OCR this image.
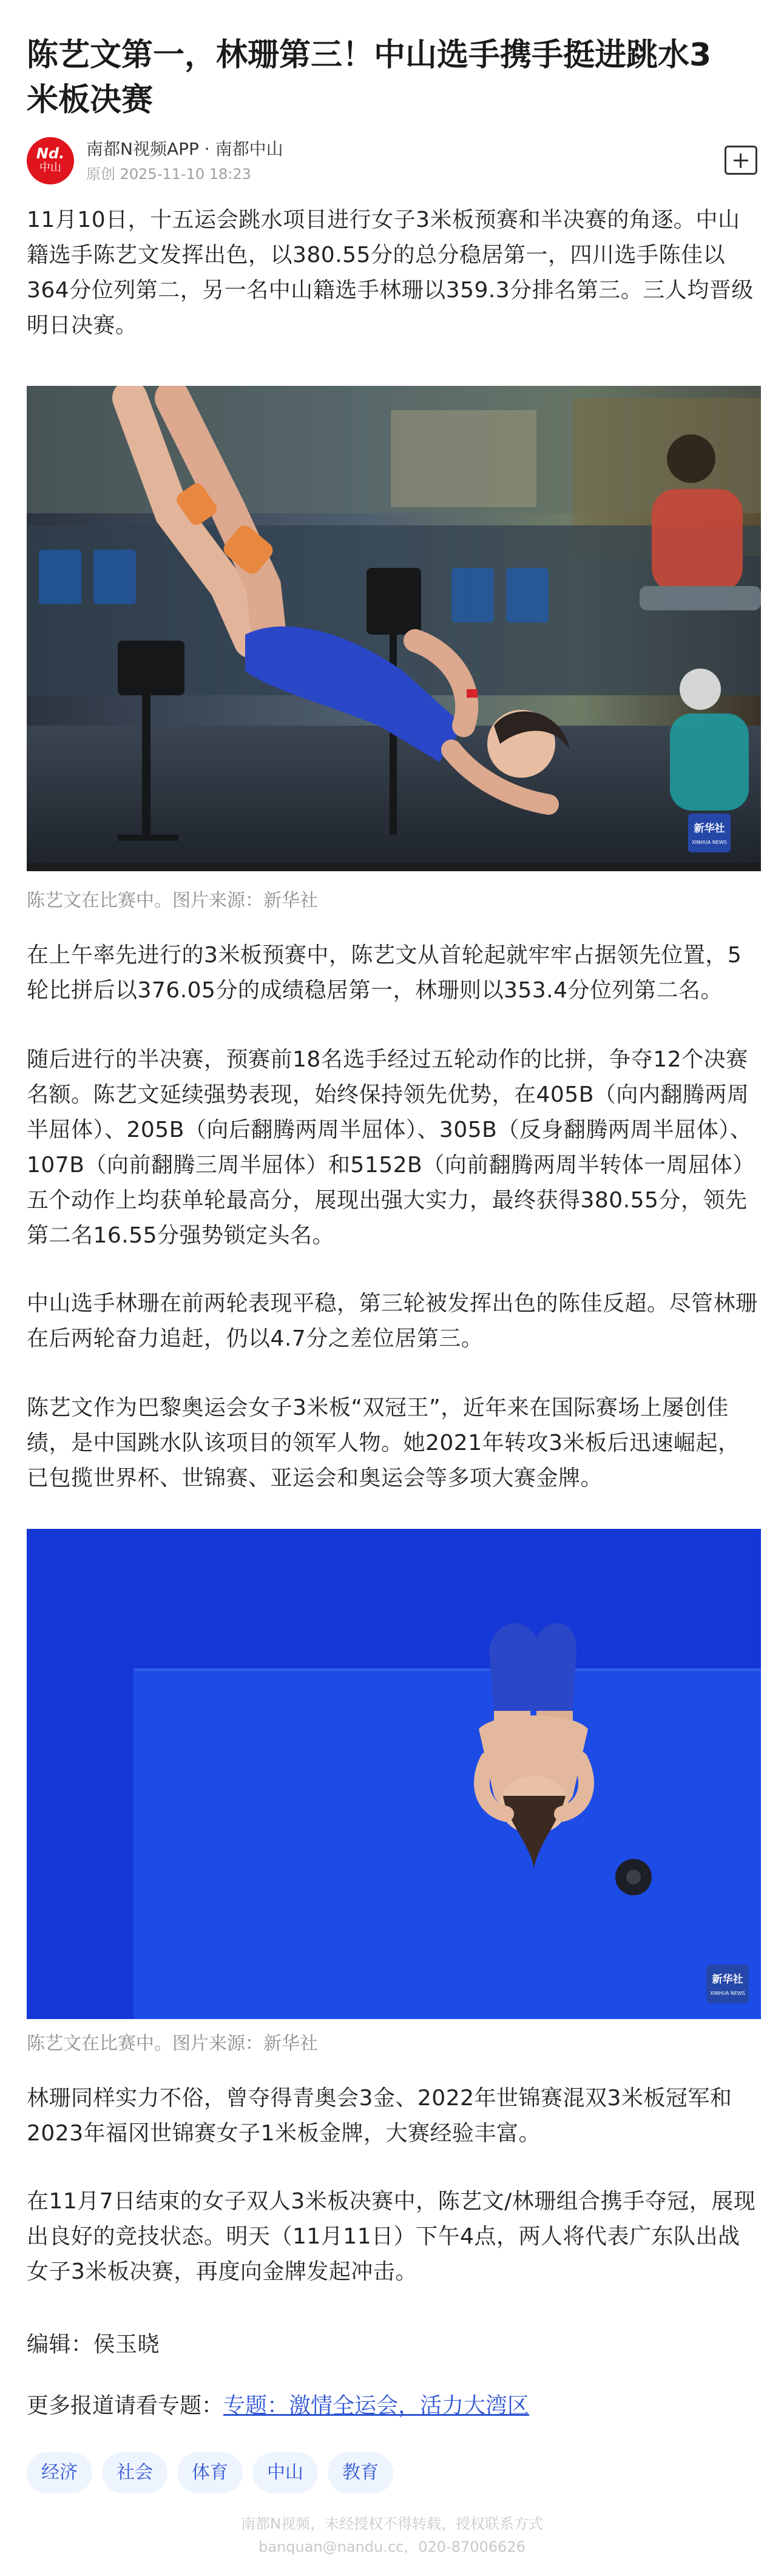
陈艺文第一，林珊第三！中山选手携手挺进跳水3米板决赛
Nd.
中山
南都N视频APP · 南都中山
原创 2025-11-10 18:23

11月10日，十五运会跳水项目进行女子3米板预赛和半决赛的角逐。中山籍选手陈艺文发挥出色，以380.55分的总分稳居第一，四川选手陈佳以364分位列第二，另一名中山籍选手林珊以359.3分排名第三。三人均晋级明日决赛。

新华社
XINHUA NEWS

陈艺文在比赛中。图片来源：新华社

在上午率先进行的3米板预赛中，陈艺文从首轮起就牢牢占据领先位置，5轮比拼后以376.05分的成绩稳居第一，林珊则以353.4分位列第二名。

随后进行的半决赛，预赛前18名选手经过五轮动作的比拼，争夺12个决赛名额。陈艺文延续强势表现，始终保持领先优势，在405B（向内翻腾两周半屈体）、205B（向后翻腾两周半屈体）、305B（反身翻腾两周半屈体）、107B（向前翻腾三周半屈体）和5152B（向前翻腾两周半转体一周屈体）五个动作上均获单轮最高分，展现出强大实力，最终获得380.55分，领先第二名16.55分强势锁定头名。

中山选手林珊在前两轮表现平稳，第三轮被发挥出色的陈佳反超。尽管林珊在后两轮奋力追赶，仍以4.7分之差位居第三。

陈艺文作为巴黎奥运会女子3米板“双冠王”，近年来在国际赛场上屡创佳绩，是中国跳水队该项目的领军人物。她2021年转攻3米板后迅速崛起，已包揽世界杯、世锦赛、亚运会和奥运会等多项大赛金牌。

新华社
XINHUA NEWS

陈艺文在比赛中。图片来源：新华社

林珊同样实力不俗，曾夺得青奥会3金、2022年世锦赛混双3米板冠军和2023年福冈世锦赛女子1米板金牌，大赛经验丰富。

在11月7日结束的女子双人3米板决赛中，陈艺文/林珊组合携手夺冠，展现出良好的竞技状态。明天（11月11日）下午4点，两人将代表广东队出战女子3米板决赛，再度向金牌发起冲击。

编辑：侯玉晓

更多报道请看专题：专题：激情全运会，活力大湾区
经济 社会 体育 中山 教育
南都N视频，未经授权不得转载，授权联系方式
banquan@nandu.cc，020-87006626
